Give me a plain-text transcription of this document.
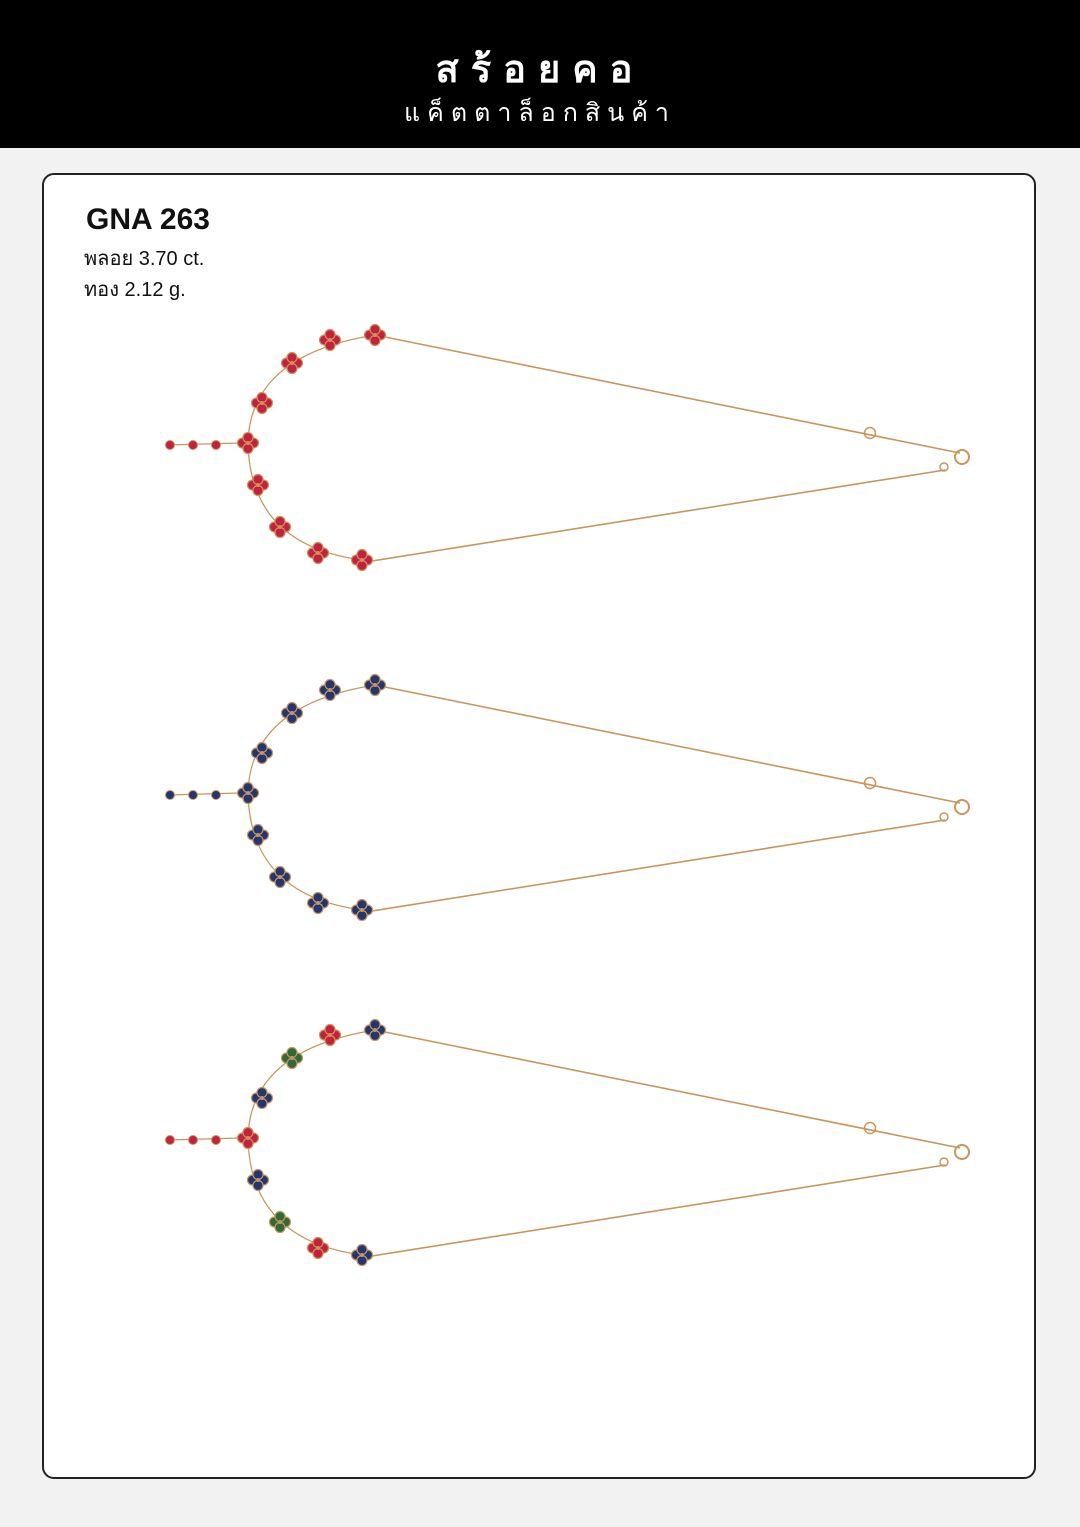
สร้อยคอ
แค็ตตาล็อกสินค้า
GNA 263
พลอย 3.70 ct.
ทอง 2.12 g.
